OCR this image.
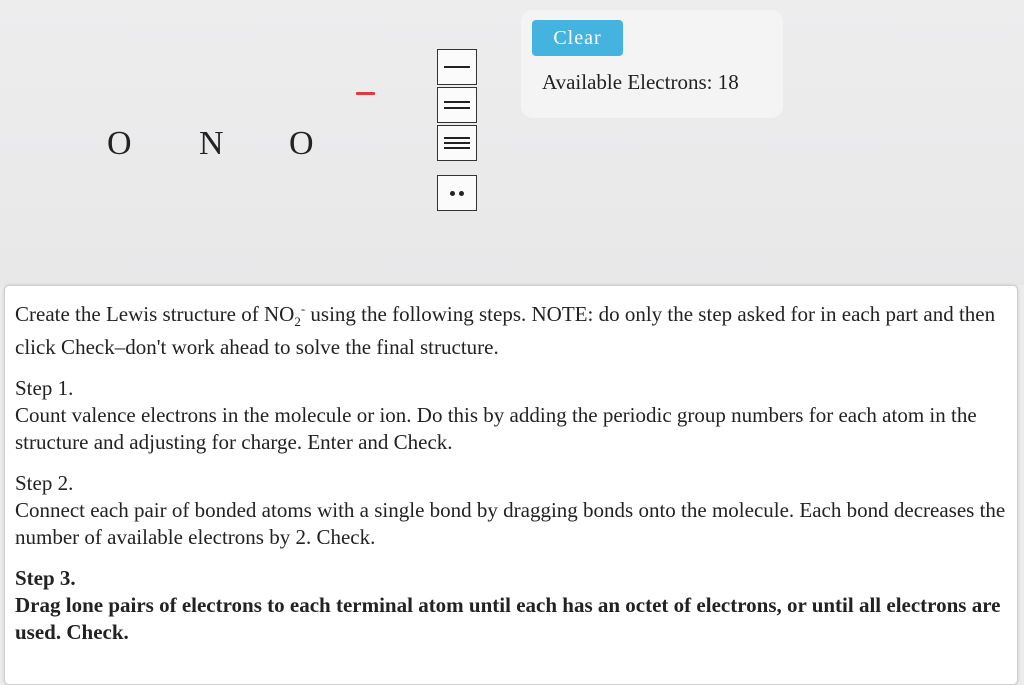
O N O
Clear
Available Electrons: 18

Create the Lewis structure of $NO_2^-$ using the following steps. NOTE: do only the step asked for in each part and then click Check–don't work ahead to solve the final structure.

Step 1.

Count valence electrons in the molecule or ion. Do this by adding the periodic group numbers for each atom in the structure and adjusting for charge. Enter and Check.

Step 2.

Connect each pair of bonded atoms with a single bond by dragging bonds onto the molecule. Each bond decreases the number of available electrons by 2. Check.

Step 3.

Drag lone pairs of electrons to each terminal atom until each has an octet of electrons, or until all electrons are used. Check.
